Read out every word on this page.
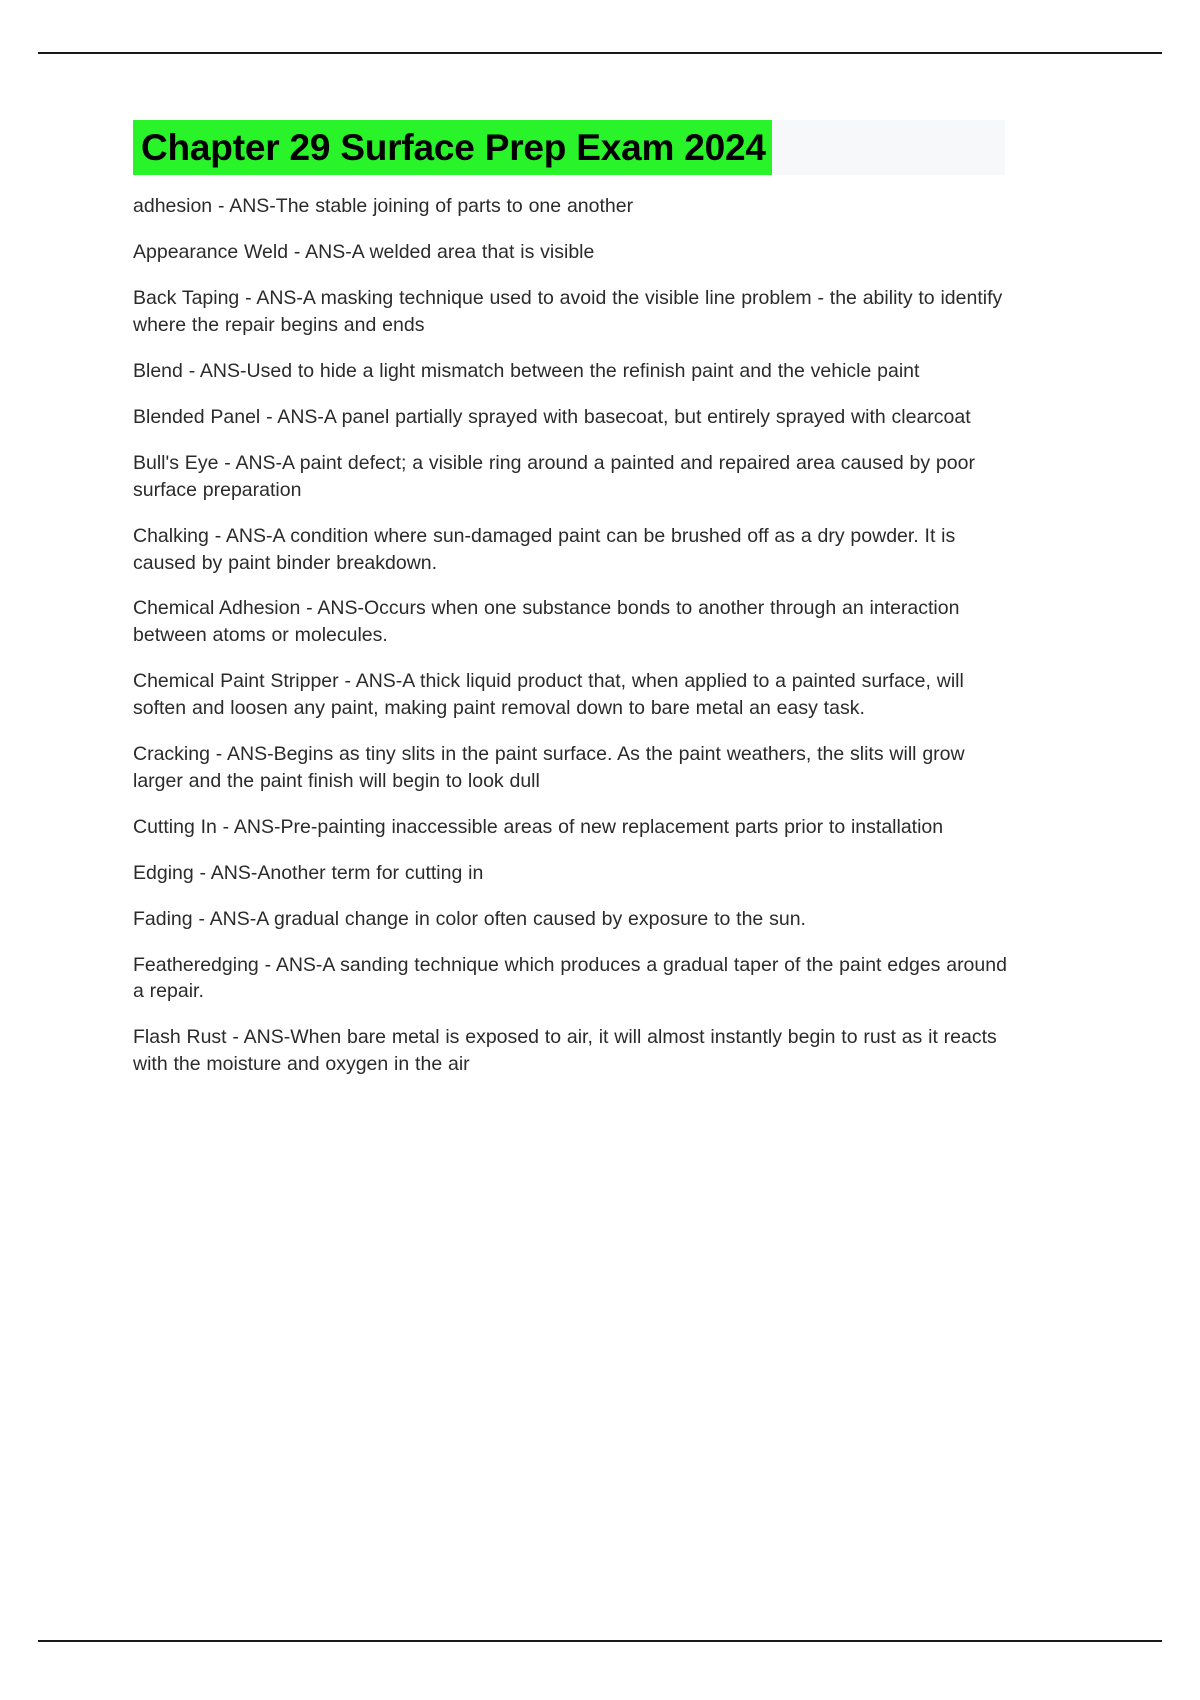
Chapter 29 Surface Prep Exam 2024

adhesion - ANS-The stable joining of parts to one another

Appearance Weld - ANS-A welded area that is visible

Back Taping - ANS-A masking technique used to avoid the visible line problem - the ability to identify where the repair begins and ends

Blend - ANS-Used to hide a light mismatch between the refinish paint and the vehicle paint

Blended Panel - ANS-A panel partially sprayed with basecoat, but entirely sprayed with clearcoat

Bull's Eye - ANS-A paint defect; a visible ring around a painted and repaired area caused by poor surface preparation

Chalking - ANS-A condition where sun-damaged paint can be brushed off as a dry powder. It is caused by paint binder breakdown.

Chemical Adhesion - ANS-Occurs when one substance bonds to another through an interaction between atoms or molecules.

Chemical Paint Stripper - ANS-A thick liquid product that, when applied to a painted surface, will soften and loosen any paint, making paint removal down to bare metal an easy task.

Cracking - ANS-Begins as tiny slits in the paint surface. As the paint weathers, the slits will grow larger and the paint finish will begin to look dull

Cutting In - ANS-Pre-painting inaccessible areas of new replacement parts prior to installation

Edging - ANS-Another term for cutting in

Fading - ANS-A gradual change in color often caused by exposure to the sun.

Featheredging - ANS-A sanding technique which produces a gradual taper of the paint edges around a repair.

Flash Rust - ANS-When bare metal is exposed to air, it will almost instantly begin to rust as it reacts with the moisture and oxygen in the air
